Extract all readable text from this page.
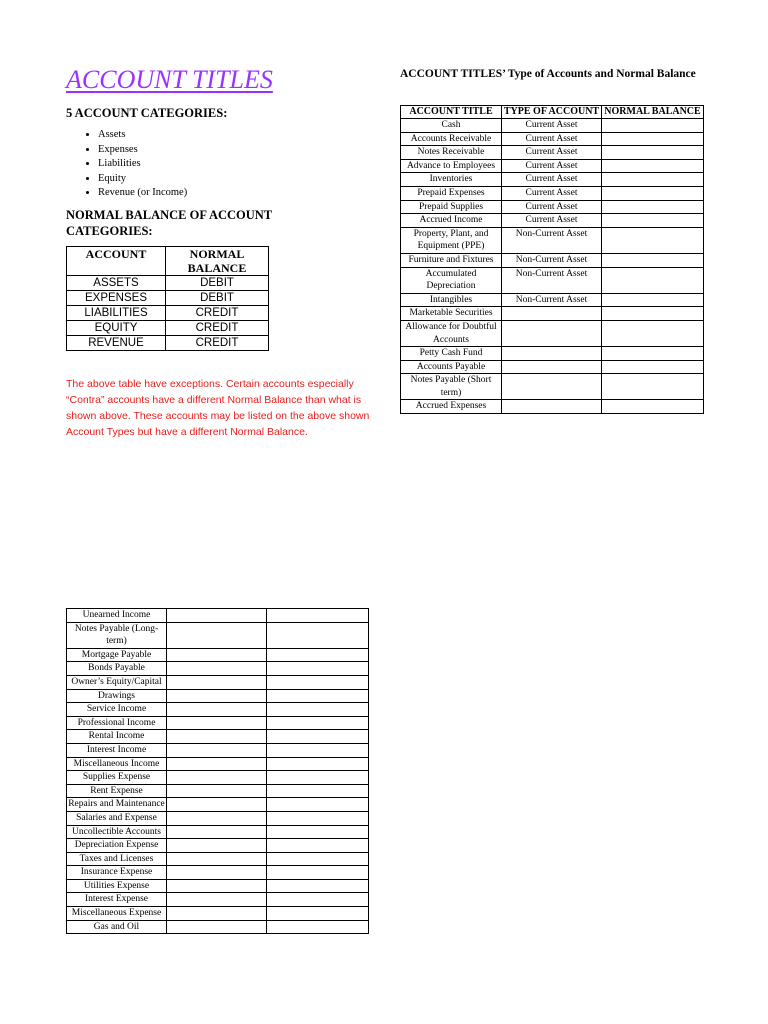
ACCOUNT TITLES

5 ACCOUNT CATEGORIES:

• Assets
• Expenses
• Liabilities
• Equity
• Revenue (or Income)

NORMAL BALANCE OF ACCOUNT CATEGORIES:

ACCOUNT	NORMAL BALANCE
ASSETS	DEBIT
EXPENSES	DEBIT
LIABILITIES	CREDIT
EQUITY	CREDIT
REVENUE	CREDIT

The above table have exceptions. Certain accounts especially “Contra” accounts have a different Normal Balance than what is shown above. These accounts may be listed on the above shown Account Types but have a different Normal Balance.

ACCOUNT TITLES’ Type of Accounts and Normal Balance

ACCOUNT TITLE	TYPE OF ACCOUNT	NORMAL BALANCE
Cash	Current Asset	
Accounts Receivable	Current Asset	
Notes Receivable	Current Asset	
Advance to Employees	Current Asset	
Inventories	Current Asset	
Prepaid Expenses	Current Asset	
Prepaid Supplies	Current Asset	
Accrued Income	Current Asset	
Property, Plant, and Equipment (PPE)	Non-Current Asset	
Furniture and Fixtures	Non-Current Asset	
Accumulated Depreciation	Non-Current Asset	
Intangibles	Non-Current Asset	
Marketable Securities		
Allowance for Doubtful Accounts		
Petty Cash Fund		
Accounts Payable		
Notes Payable (Short term)		
Accrued Expenses		
Unearned Income		
Notes Payable (Long-term)		
Mortgage Payable		
Bonds Payable		
Owner’s Equity/Capital		
Drawings		
Service Income		
Professional Income		
Rental Income		
Interest Income		
Miscellaneous Income		
Supplies Expense		
Rent Expense		
Repairs and Maintenance		
Salaries and Expense		
Uncollectible Accounts		
Depreciation Expense		
Taxes and Licenses		
Insurance Expense		
Utilities Expense		
Interest Expense		
Miscellaneous Expense		
Gas and Oil		
